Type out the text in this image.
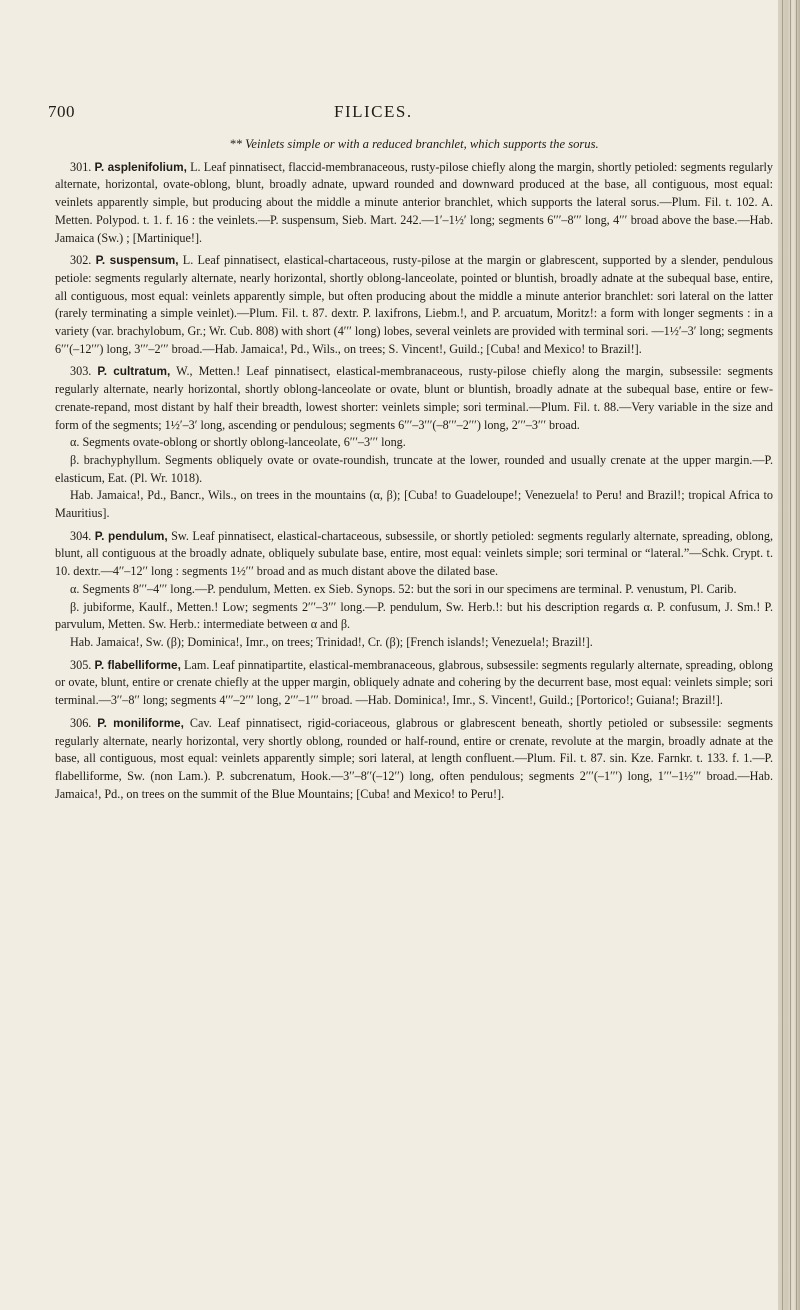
700	FILICES.

** Veinlets simple or with a reduced branchlet, which supports the sorus.

301. P. asplenifolium, L. Leaf pinnatisect, flaccid-membranaceous, rusty-pilose chiefly along the margin, shortly petioled: segments regularly alternate, horizontal, ovate-oblong, blunt, broadly adnate, upward rounded and downward produced at the base, all contiguous, most equal: veinlets apparently simple, but producing about the middle a minute anterior branchlet, which supports the lateral sorus.—Plum. Fil. t. 102. A. Metten. Polypod. t. 1. f. 16 : the veinlets.—P. suspensum, Sieb. Mart. 242.—1′–1½′ long; segments 6′′′–8′′′ long, 4′′′ broad above the base.—Hab. Jamaica (Sw.) ; [Martinique!].

302. P. suspensum, L. Leaf pinnatisect, elastical-chartaceous, rusty-pilose at the margin or glabrescent, supported by a slender, pendulous petiole: segments regularly alternate, nearly horizontal, shortly oblong-lanceolate, pointed or bluntish, broadly adnate at the subequal base, entire, all contiguous, most equal: veinlets apparently simple, but often producing about the middle a minute anterior branchlet: sori lateral on the latter (rarely terminating a simple veinlet).—Plum. Fil. t. 87. dextr. P. laxifrons, Liebm.!, and P. arcuatum, Moritz!: a form with longer segments : in a variety (var. brachylobum, Gr.; Wr. Cub. 808) with short (4′′′ long) lobes, several veinlets are provided with terminal sori. —1½′–3′ long; segments 6′′′(–12′′′) long, 3′′′–2′′′ broad.—Hab. Jamaica!, Pd., Wils., on trees; S. Vincent!, Guild.; [Cuba! and Mexico! to Brazil!].

303. P. cultratum, W., Metten.! Leaf pinnatisect, elastical-membranaceous, rusty-pilose chiefly along the margin, subsessile: segments regularly alternate, nearly horizontal, shortly oblong-lanceolate or ovate, blunt or bluntish, broadly adnate at the subequal base, entire or few-crenate-repand, most distant by half their breadth, lowest shorter: veinlets simple; sori terminal.—Plum. Fil. t. 88.—Very variable in the size and form of the segments; 1½′–3′ long, ascending or pendulous; segments 6′′′–3′′′(–8′′′–2′′′) long, 2′′′–3′′′ broad.

α. Segments ovate-oblong or shortly oblong-lanceolate, 6′′′–3′′′ long.

β. brachyphyllum. Segments obliquely ovate or ovate-roundish, truncate at the lower, rounded and usually crenate at the upper margin.—P. elasticum, Eat. (Pl. Wr. 1018).

Hab. Jamaica!, Pd., Bancr., Wils., on trees in the mountains (α, β); [Cuba! to Guadeloupe!; Venezuela! to Peru! and Brazil!; tropical Africa to Mauritius].

304. P. pendulum, Sw. Leaf pinnatisect, elastical-chartaceous, subsessile, or shortly petioled: segments regularly alternate, spreading, oblong, blunt, all contiguous at the broadly adnate, obliquely subulate base, entire, most equal: veinlets simple; sori terminal or “lateral.”—Schk. Crypt. t. 10. dextr.—4′′–12′′ long : segments 1½′′′ broad and as much distant above the dilated base.

α. Segments 8′′′–4′′′ long.—P. pendulum, Metten. ex Sieb. Synops. 52: but the sori in our specimens are terminal. P. venustum, Pl. Carib.

β. jubiforme, Kaulf., Metten.! Low; segments 2′′′–3′′′ long.—P. pendulum, Sw. Herb.!: but his description regards α. P. confusum, J. Sm.! P. parvulum, Metten. Sw. Herb.: intermediate between α and β.

Hab. Jamaica!, Sw. (β); Dominica!, Imr., on trees; Trinidad!, Cr. (β); [French islands!; Venezuela!; Brazil!].

305. P. flabelliforme, Lam. Leaf pinnatipartite, elastical-membranaceous, glabrous, subsessile: segments regularly alternate, spreading, oblong or ovate, blunt, entire or crenate chiefly at the upper margin, obliquely adnate and cohering by the decurrent base, most equal: veinlets simple; sori terminal.—3′′–8′′ long; segments 4′′′–2′′′ long, 2′′′–1′′′ broad. —Hab. Dominica!, Imr., S. Vincent!, Guild.; [Portorico!; Guiana!; Brazil!].

306. P. moniliforme, Cav. Leaf pinnatisect, rigid-coriaceous, glabrous or glabrescent beneath, shortly petioled or subsessile: segments regularly alternate, nearly horizontal, very shortly oblong, rounded or half-round, entire or crenate, revolute at the margin, broadly adnate at the base, all contiguous, most equal: veinlets apparently simple; sori lateral, at length confluent.—Plum. Fil. t. 87. sin. Kze. Farnkr. t. 133. f. 1.—P. flabelliforme, Sw. (non Lam.). P. subcrenatum, Hook.—3′′–8′′(–12′′) long, often pendulous; segments 2′′′(–1′′′) long, 1′′′–1½′′′ broad.—Hab. Jamaica!, Pd., on trees on the summit of the Blue Mountains; [Cuba! and Mexico! to Peru!].
